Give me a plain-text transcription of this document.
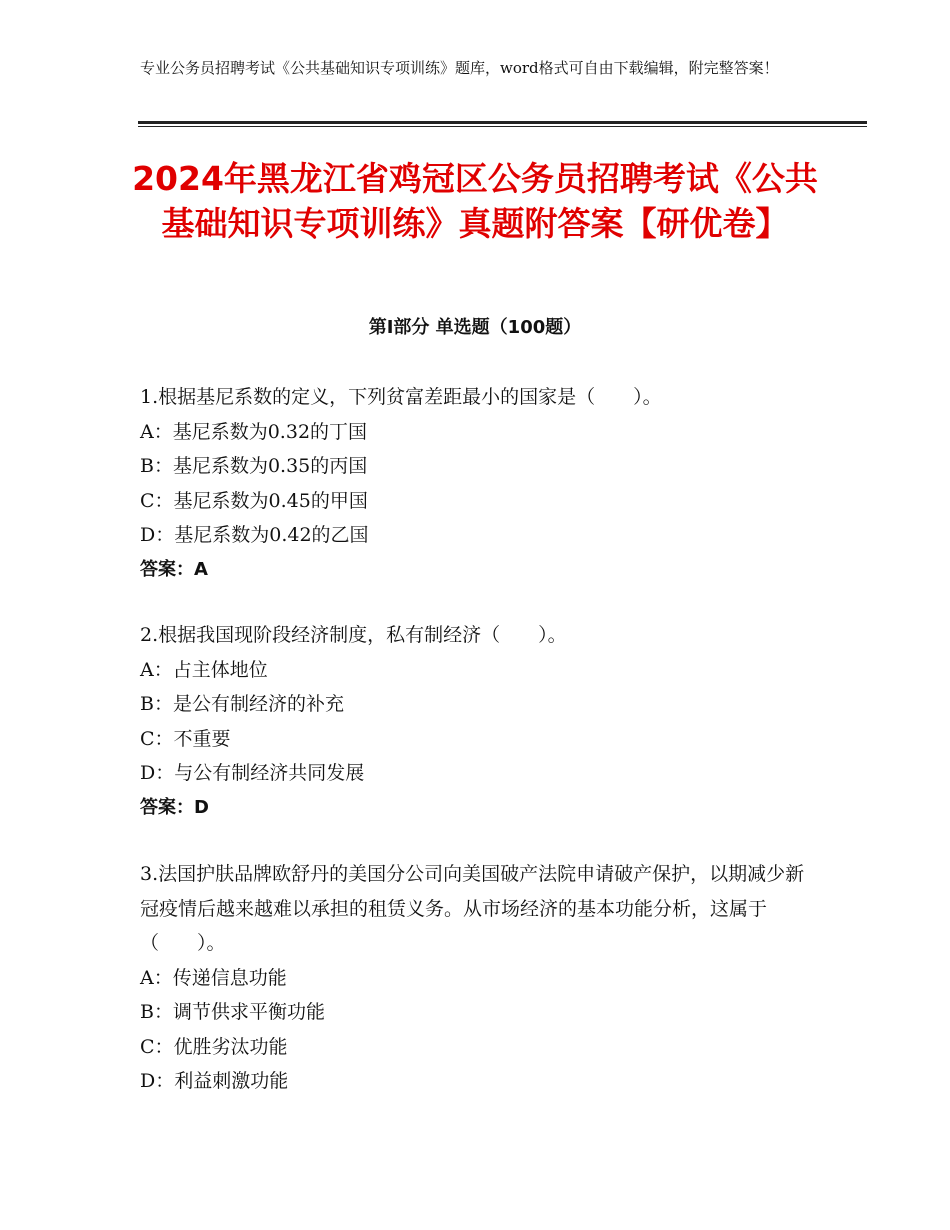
专业公务员招聘考试《公共基础知识专项训练》题库，word格式可自由下载编辑，附完整答案！
2024年黑龙江省鸡冠区公务员招聘考试《公共基础知识专项训练》真题附答案【研优卷】
第Ⅰ部分 单选题（100题）
1.根据基尼系数的定义，下列贫富差距最小的国家是（　　）。
A：基尼系数为0.32的丁国
B：基尼系数为0.35的丙国
C：基尼系数为0.45的甲国
D：基尼系数为0.42的乙国
答案：A
2.根据我国现阶段经济制度，私有制经济（　　）。
A：占主体地位
B：是公有制经济的补充
C：不重要
D：与公有制经济共同发展
答案：D
3.法国护肤品牌欧舒丹的美国分公司向美国破产法院申请破产保护，以期减少新冠疫情后越来越难以承担的租赁义务。从市场经济的基本功能分析，这属于（　　）。
A：传递信息功能
B：调节供求平衡功能
C：优胜劣汰功能
D：利益刺激功能
